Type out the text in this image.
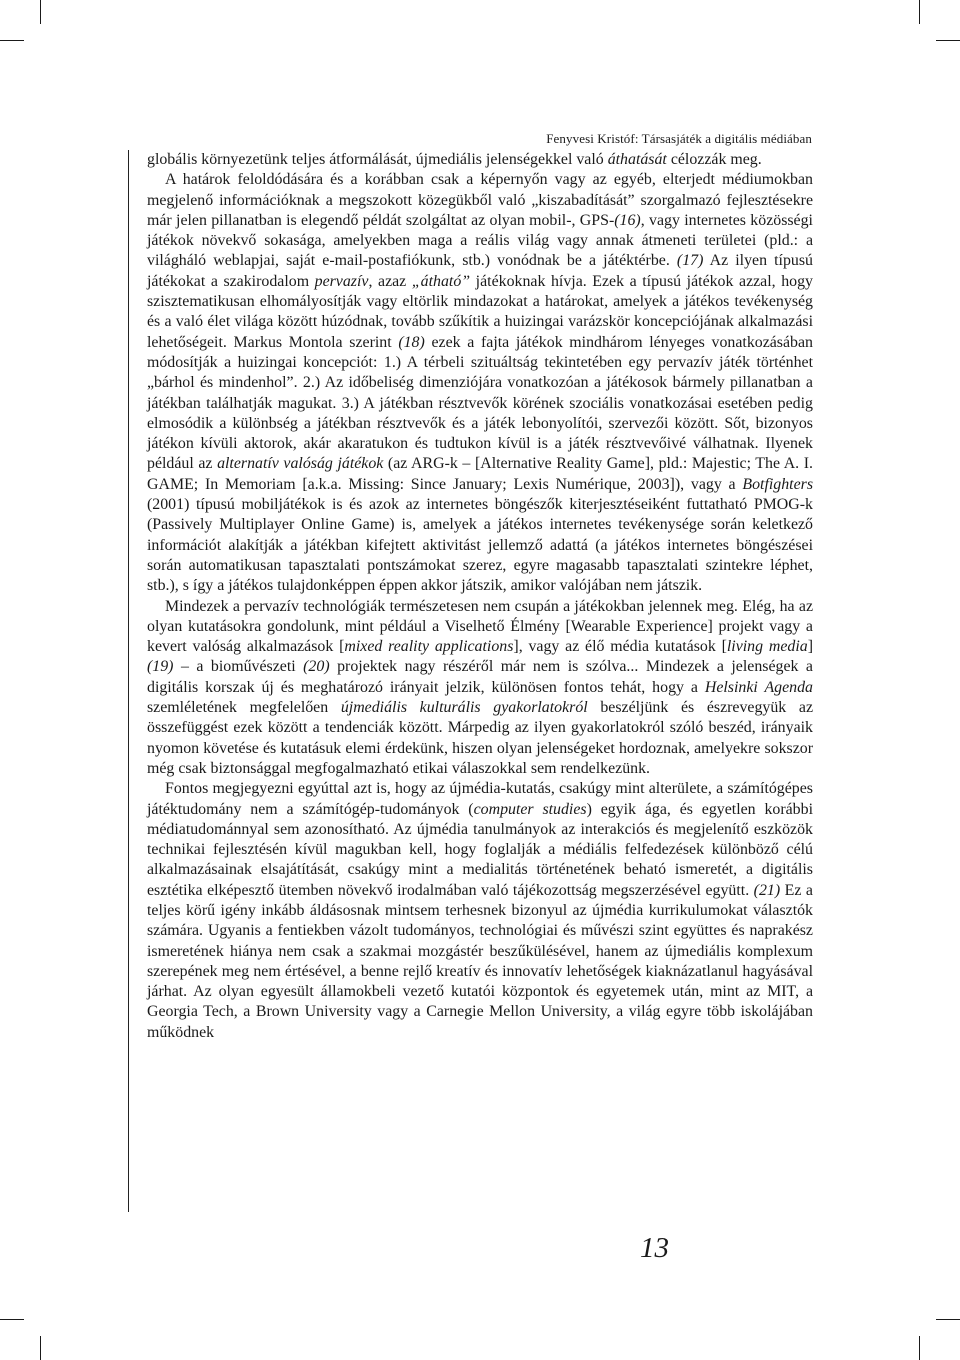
Fenyvesi Kristóf: Társasjáték a digitális médiában

globális környezetünk teljes átformálását, újmediális jelenségekkel való áthatását célozzák meg.

A határok feloldódására és a korábban csak a képernyőn vagy az egyéb, elterjedt médiumokban megjelenő információknak a megszokott közegükből való „kiszabadítását” szorgalmazó fejlesztésekre már jelen pillanatban is elegendő példát szolgáltat az olyan mobil-, GPS-(16), vagy internetes közösségi játékok növekvő sokasága, amelyekben maga a reális világ vagy annak átmeneti területei (pld.: a világháló weblapjai, saját e-mail-postafiókunk, stb.) vonódnak be a játéktérbe. (17) Az ilyen típusú játékokat a szakirodalom pervazív, azaz „átható” játékoknak hívja. Ezek a típusú játékok azzal, hogy szisztematikusan elhomályosítják vagy eltörlik mindazokat a határokat, amelyek a játékos tevékenység és a való élet világa között húzódnak, tovább szűkítik a huizingai varázskör koncepciójának alkalmazási lehetőségeit. Markus Montola szerint (18) ezek a fajta játékok mindhárom lényeges vonatkozásában módosítják a huizingai koncepciót: 1.) A térbeli szituáltság tekintetében egy pervazív játék történhet „bárhol és mindenhol”. 2.) Az időbeliség dimenziójára vonatkozóan a játékosok bármely pillanatban a játékban találhatják magukat. 3.) A játékban résztvevők körének szociális vonatkozásai esetében pedig elmosódik a különbség a játékban résztvevők és a játék lebonyolítói, szervezői között. Sőt, bizonyos játékon kívüli aktorok, akár akaratukon és tudtukon kívül is a játék résztvevőivé válhatnak. Ilyenek például az alternatív valóság játékok (az ARG-k – [Alternative Reality Game], pld.: Majestic; The A. I. GAME; In Memoriam [a.k.a. Missing: Since January; Lexis Numérique, 2003]), vagy a Botfighters (2001) típusú mobiljátékok is és azok az internetes böngészők kiterjesztéseiként futtatható PMOG-k (Passively Multiplayer Online Game) is, amelyek a játékos internetes tevékenysége során keletkező információt alakítják a játékban kifejtett aktivitást jellemző adattá (a játékos internetes böngészései során automatikusan tapasztalati pontszámokat szerez, egyre magasabb tapasztalati szintekre léphet, stb.), s így a játékos tulajdonképpen éppen akkor játszik, amikor valójában nem játszik.

Mindezek a pervazív technológiák természetesen nem csupán a játékokban jelennek meg. Elég, ha az olyan kutatásokra gondolunk, mint például a Viselhető Élmény [Wearable Experience] projekt vagy a kevert valóság alkalmazások [mixed reality applications], vagy az élő média kutatások [living media] (19) – a bioművészeti (20) projektek nagy részéről már nem is szólva... Mindezek a jelenségek a digitális korszak új és meghatározó irányait jelzik, különösen fontos tehát, hogy a Helsinki Agenda szemléletének megfelelően újmediális kulturális gyakorlatokról beszéljünk és észrevegyük az összefüggést ezek között a tendenciák között. Márpedig az ilyen gyakorlatokról szóló beszéd, irányaik nyomon követése és kutatásuk elemi érdekünk, hiszen olyan jelenségeket hordoznak, amelyekre sokszor még csak biztonsággal megfogalmazható etikai válaszokkal sem rendelkezünk.

Fontos megjegyezni egyúttal azt is, hogy az újmédia-kutatás, csakúgy mint alterülete, a számítógépes játéktudomány nem a számítógép-tudományok (computer studies) egyik ága, és egyetlen korábbi médiatudománnyal sem azonosítható. Az újmédia tanulmányok az interakciós és megjelenítő eszközök technikai fejlesztésén kívül magukban kell, hogy foglalják a médiális felfedezések különböző célú alkalmazásainak elsajátítását, csakúgy mint a medialitás történetének beható ismeretét, a digitális esztétika elképesztő ütemben növekvő irodalmában való tájékozottság megszerzésével együtt. (21) Ez a teljes körű igény inkább áldásosnak mintsem terhesnek bizonyul az újmédia kurrikulumokat választók számára. Ugyanis a fentiekben vázolt tudományos, technológiai és művészi szint együttes és naprakész ismeretének hiánya nem csak a szakmai mozgástér beszűkülésével, hanem az újmediális komplexum szerepének meg nem értésével, a benne rejlő kreatív és innovatív lehetőségek kiaknázatlanul hagyásával járhat. Az olyan egyesült államokbeli vezető kutatói központok és egyetemek után, mint az MIT, a Georgia Tech, a Brown University vagy a Carnegie Mellon University, a világ egyre több iskolájában működnek

13
